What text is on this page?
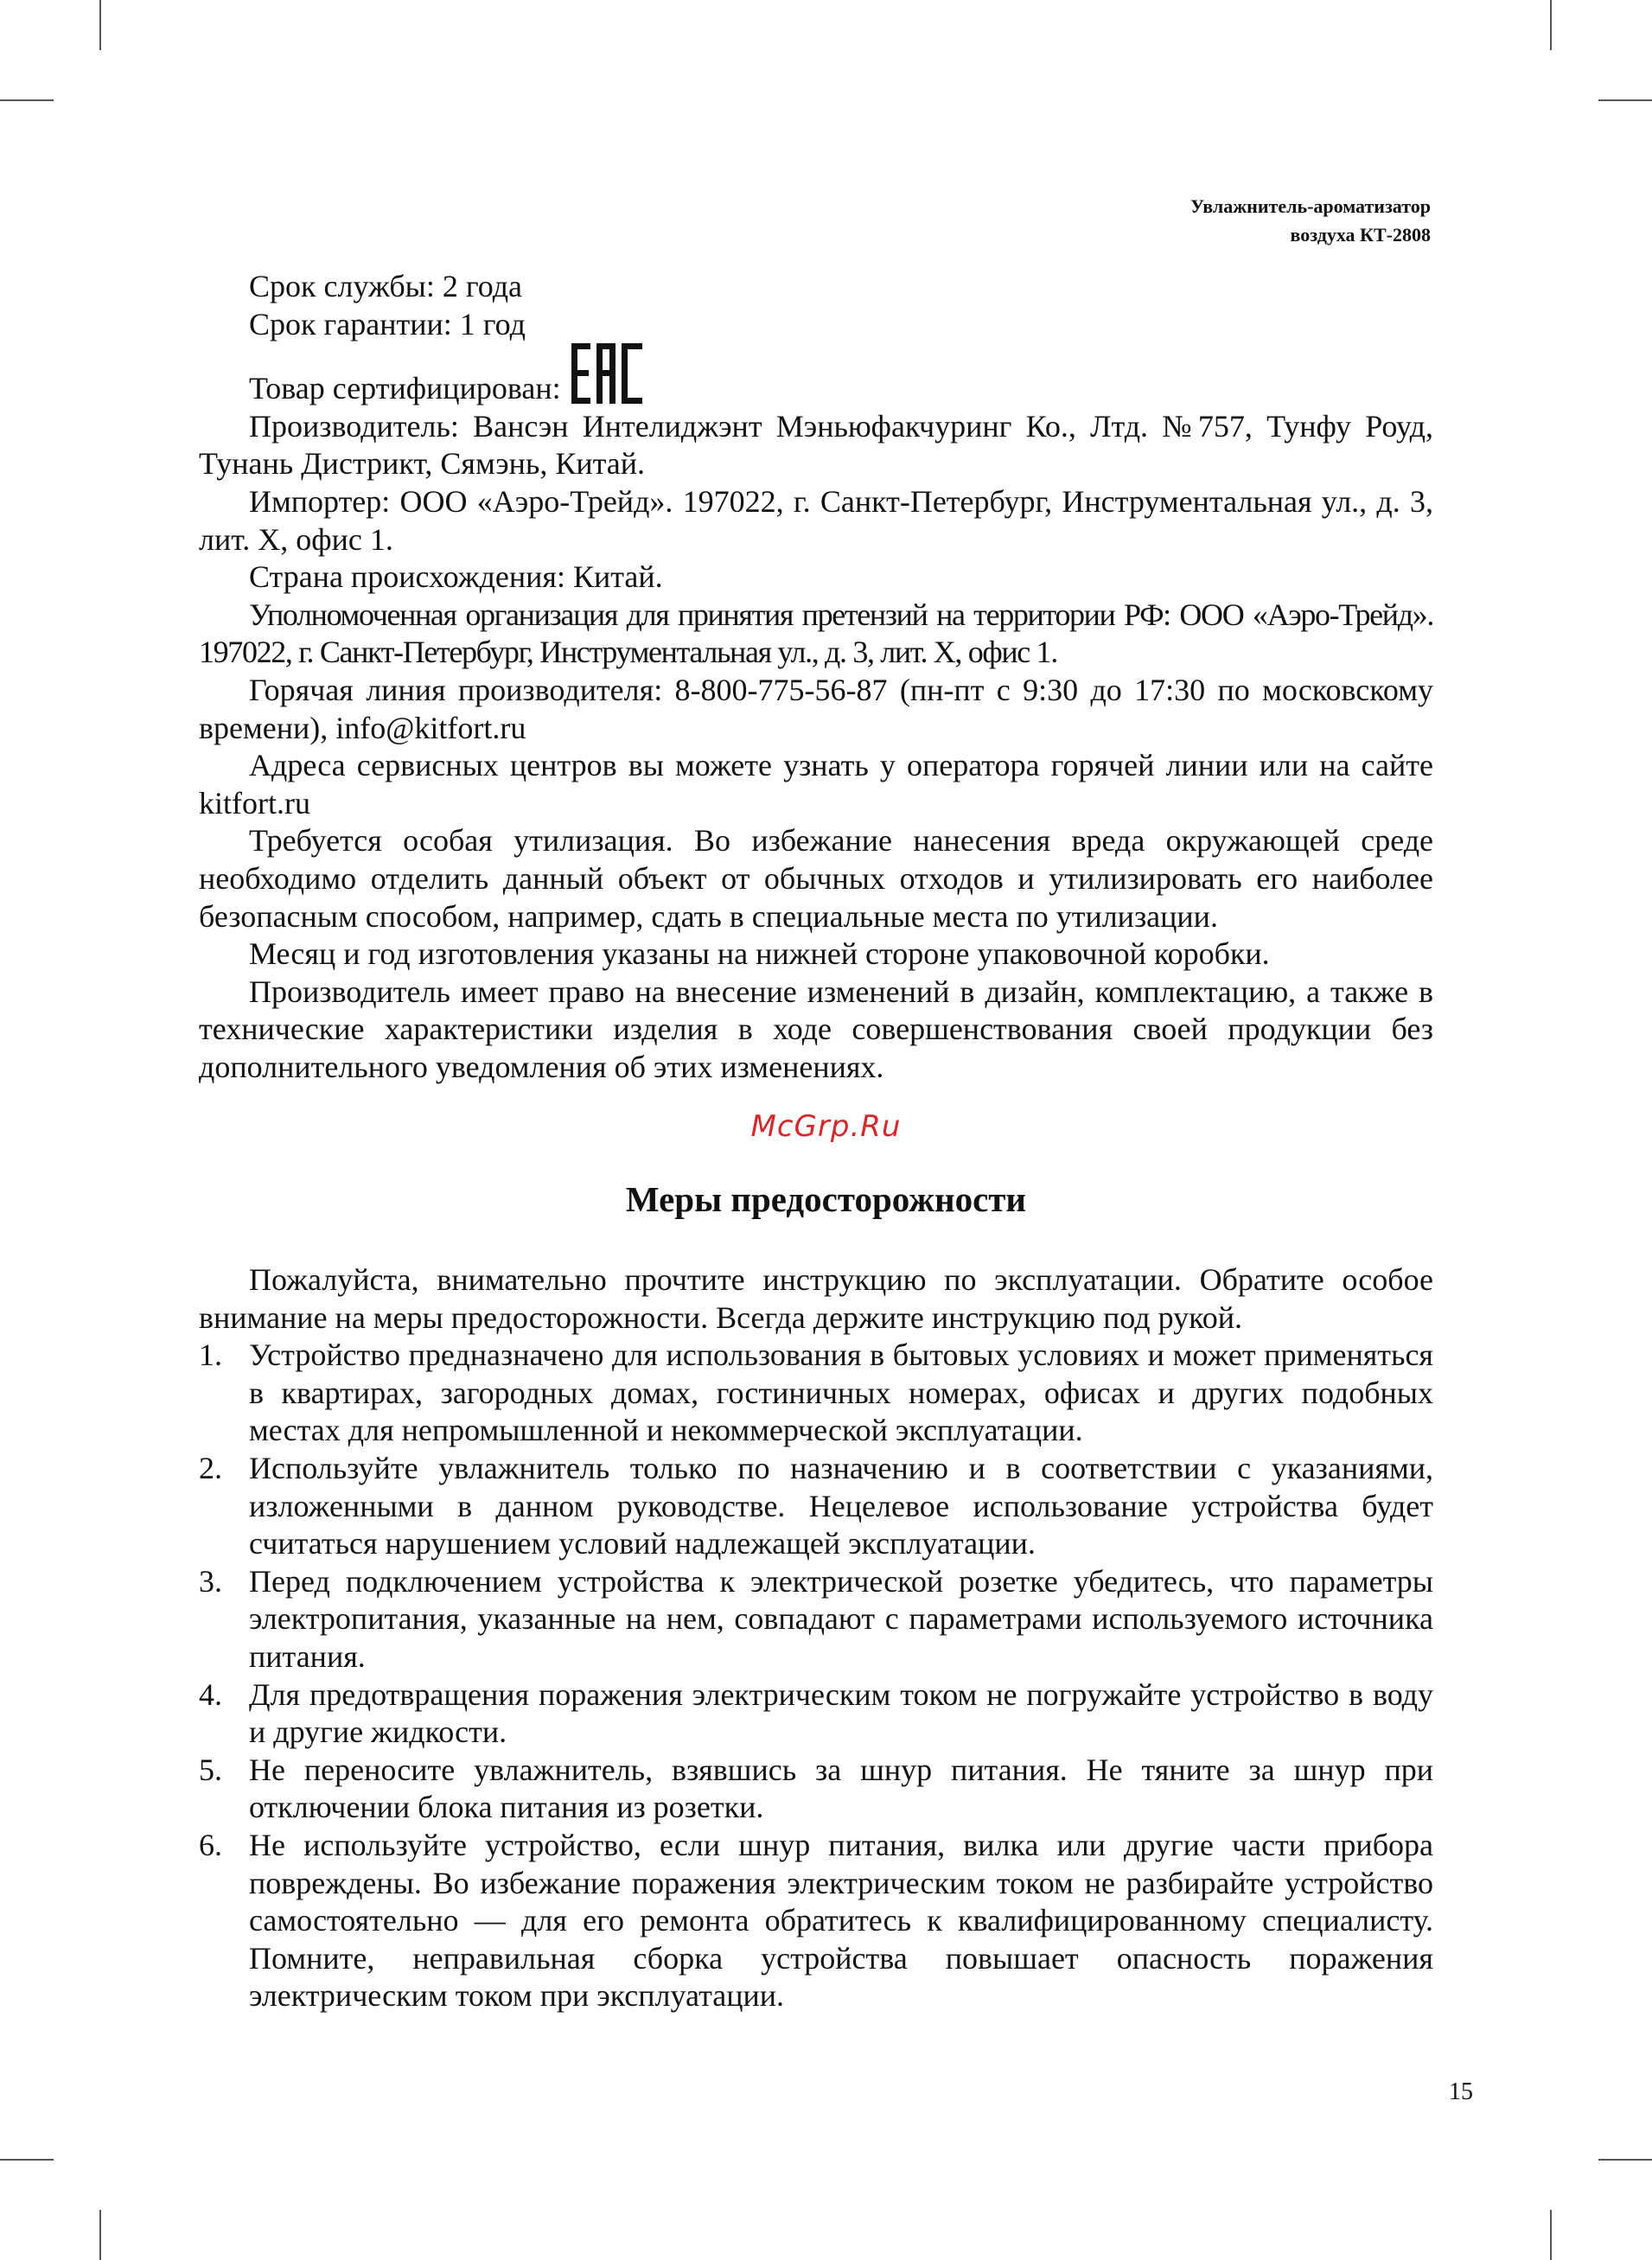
Увлажнитель-ароматизатор
воздуха КТ-2808

Срок службы: 2 года

Срок гарантии: 1 год

Товар сертифицирован:

Производитель: Вансэн Интелиджэнт Мэньюфакчуринг Ко., Лтд. №757, Тунфу Роуд, Тунань Дистрикт, Сямэнь, Китай.

Импортер: ООО «Аэро-Трейд». 197022, г. Санкт-Петербург, Инструментальная ул., д. 3, лит. Х, офис 1.

Страна происхождения: Китай.

Уполномоченная организация для принятия претензий на территории РФ: ООО «Аэро-Трейд». 197022, г. Санкт-Петербург, Инструментальная ул., д. 3, лит. Х, офис 1.

Горячая линия производителя: 8-800-775-56-87 (пн-пт с 9:30 до 17:30 по московскому времени), info@kitfort.ru

Адреса сервисных центров вы можете узнать у оператора горячей линии или на сайте kitfort.ru

Требуется особая утилизация. Во избежание нанесения вреда окружающей среде необходимо отделить данный объект от обычных отходов и утилизировать его наиболее безопасным способом, например, сдать в специальные места по утилизации.

Месяц и год изготовления указаны на нижней стороне упаковочной коробки.

Производитель имеет право на внесение изменений в дизайн, комплектацию, а также в технические характеристики изделия в ходе совершенствования своей продукции без дополнительного уведомления об этих изменениях.

McGrp.Ru
Меры предосторожности

Пожалуйста, внимательно прочтите инструкцию по эксплуатации. Обратите особое внимание на меры предосторожности. Всегда держите инструкцию под рукой.

1. Устройство предназначено для использования в бытовых условиях и может применяться в квартирах, загородных домах, гостиничных номерах, офисах и других подобных местах для непромышленной и некоммерческой эксплуатации.
2. Используйте увлажнитель только по назначению и в соответствии с указаниями, изложенными в данном руководстве. Нецелевое использование устройства будет считаться нарушением условий надлежащей эксплуатации.
3. Перед подключением устройства к электрической розетке убедитесь, что параметры электропитания, указанные на нем, совпадают с параметрами используемого источника питания.
4. Для предотвращения поражения электрическим током не погружайте устройство в воду и другие жидкости.
5. Не переносите увлажнитель, взявшись за шнур питания. Не тяните за шнур при отключении блока питания из розетки.
6. Не используйте устройство, если шнур питания, вилка или другие части прибора повреждены. Во избежание поражения электрическим током не разбирайте устройство самостоятельно — для его ремонта обратитесь к квалифицированному специалисту. Помните, неправильная сборка устройства повышает опасность поражения электрическим током при эксплуатации.
15
